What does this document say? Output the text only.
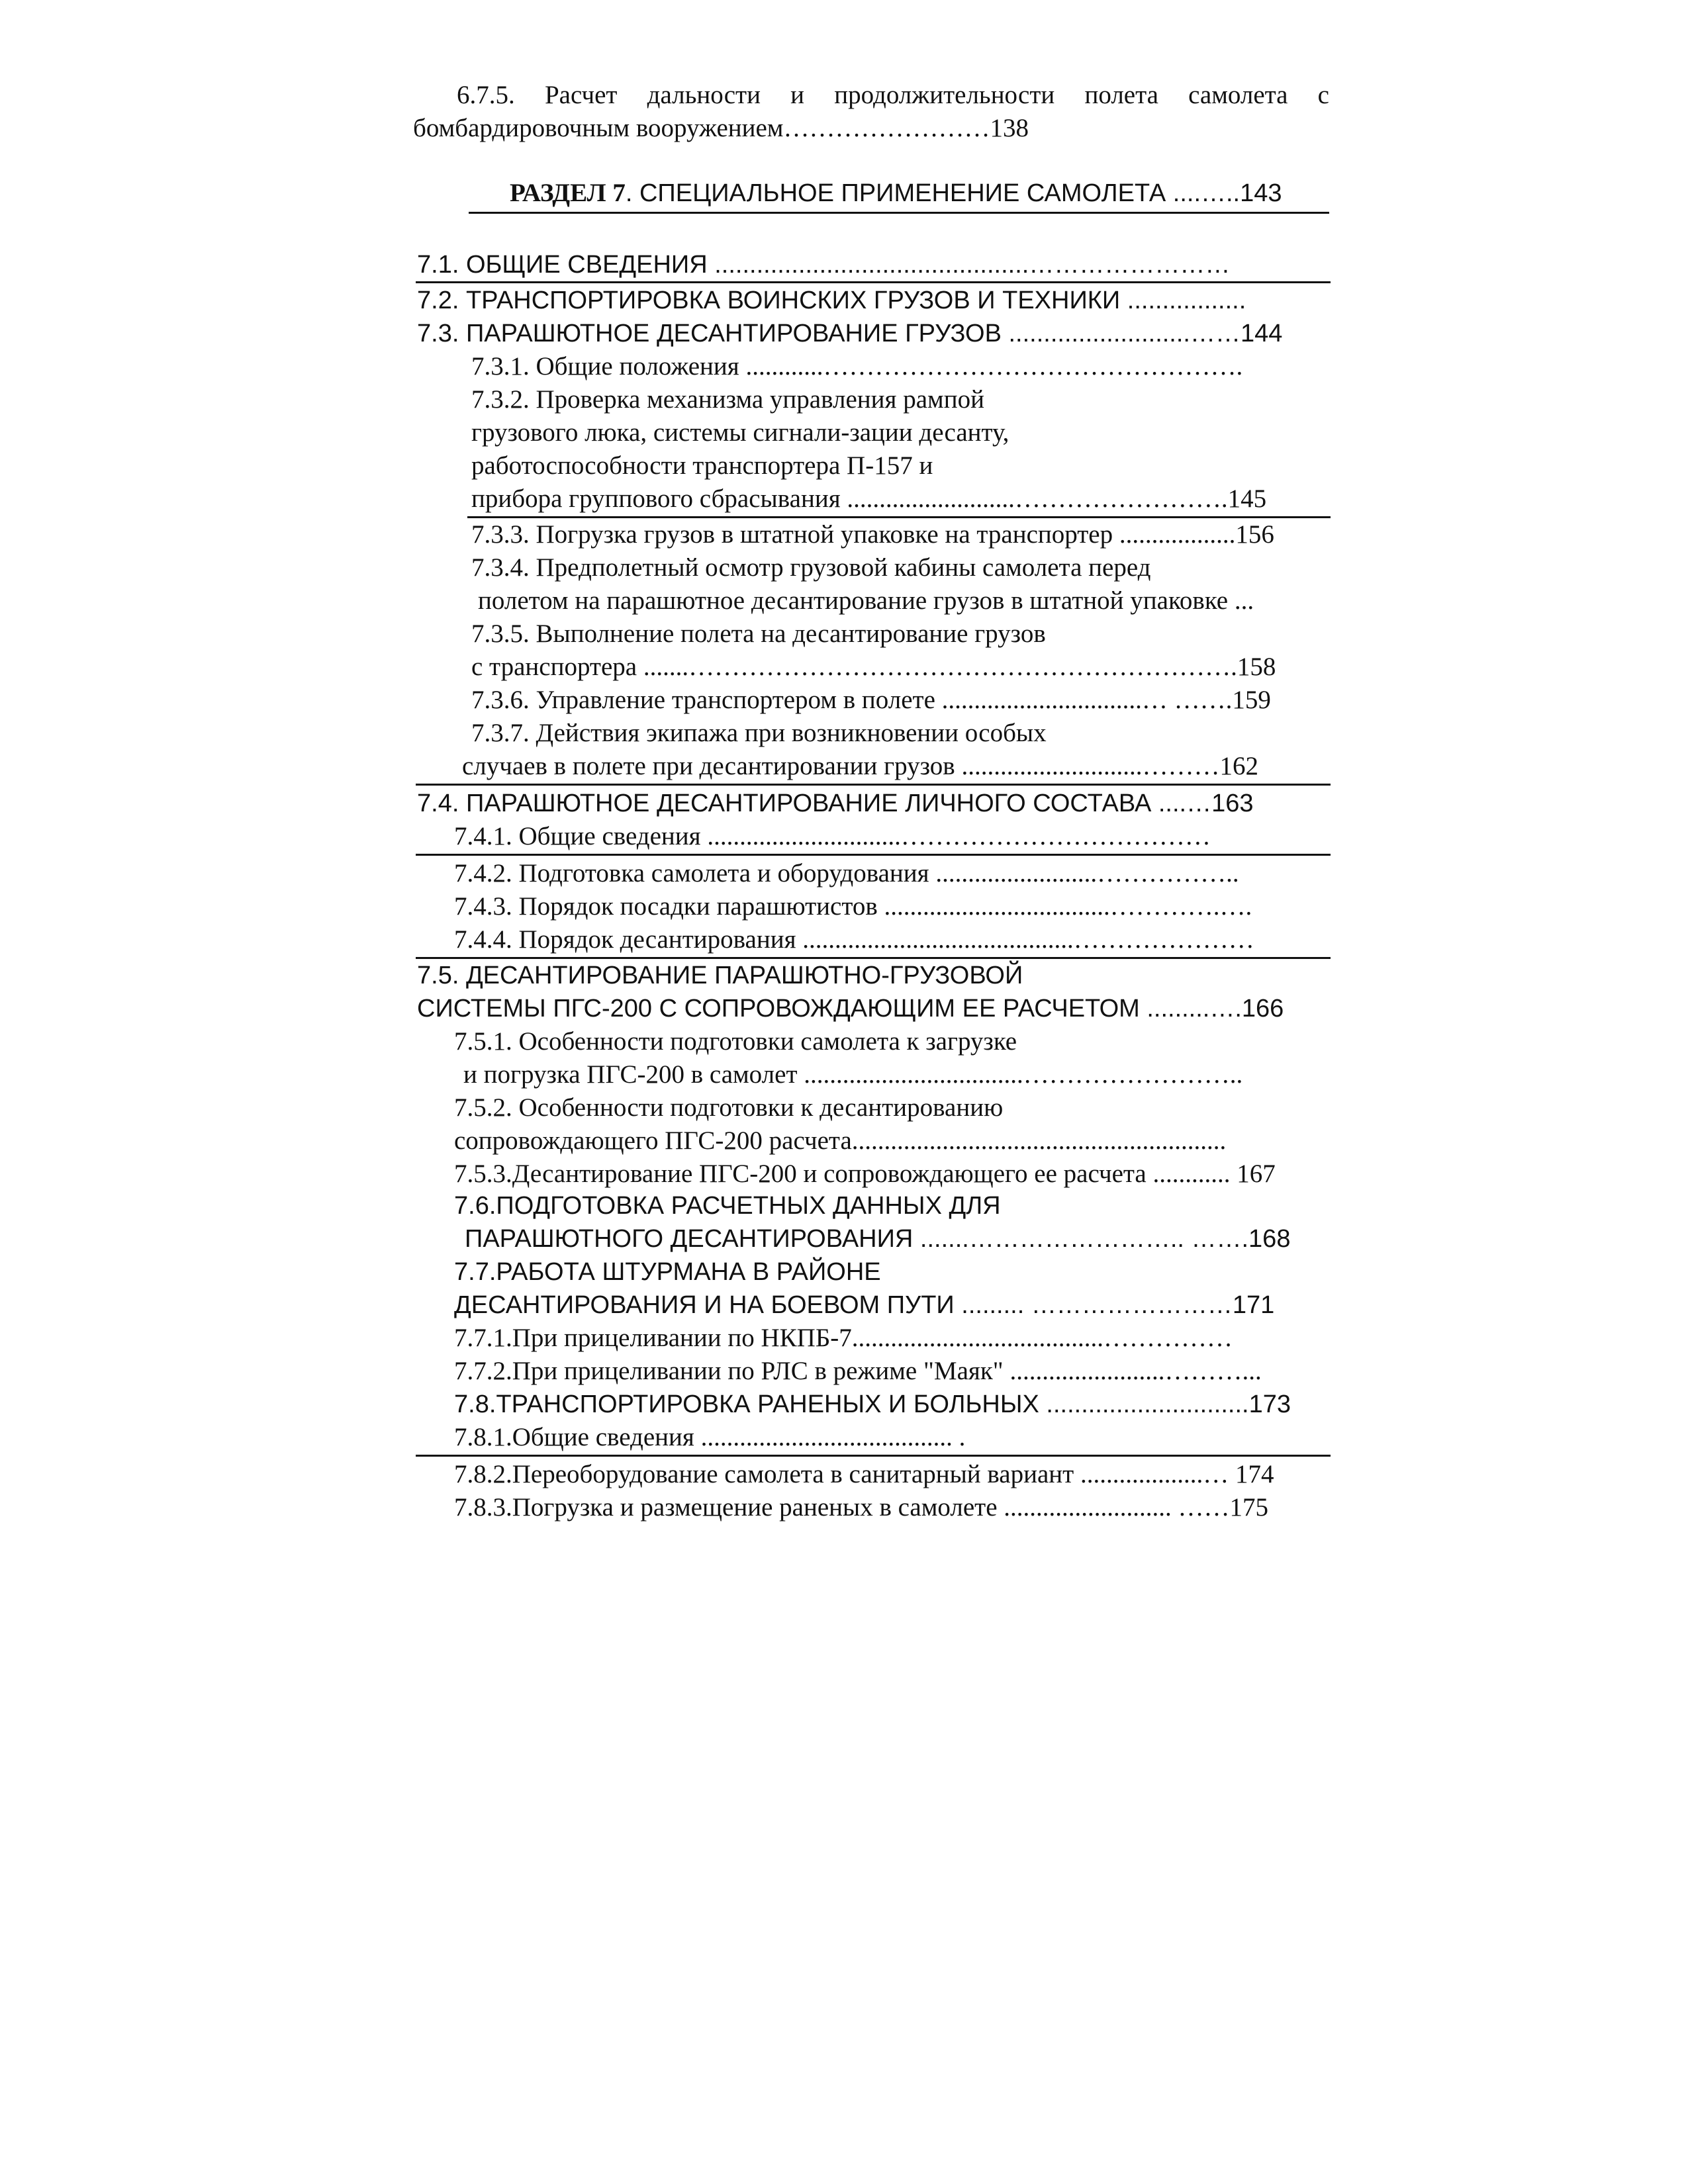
6.7.5. Расчет дальности и продолжительности полета самолета с
бомбардировочным вооружением……………………138
РАЗДЕЛ 7. СПЕЦИАЛЬНОЕ ПРИМЕНЕНИЕ САМОЛЕТА ....…..143
7.1. ОБЩИЕ СВЕДЕНИЯ .............................................……………………
7.2. ТРАНСПОРТИРОВКА ВОИНСКИХ ГРУЗОВ И ТЕХНИКИ .................
7.3. ПАРАШЮТНОЕ ДЕСАНТИРОВАНИЕ ГРУЗОВ ..........................……144
7.3.1. Общие положения ............………………………………………….
7.3.2. Проверка механизма управления рампой
грузового люка, системы сигнали-зации десанту,
работоспособности транспортера П-157 и
прибора группового сбрасывания ..........................…………………….145
7.3.3. Погрузка грузов в штатной упаковке на транспортер ..................156
7.3.4. Предполетный осмотр грузовой кабины самолета перед
полетом на парашютное десантирование грузов в штатной упаковке ...
7.3.5. Выполнение полета на десантирование грузов
с транспортера .......……………………………………………………….158
7.3.6. Управление транспортером в полете ...............................… …….159
7.3.7. Действия экипажа при возникновении особых
случаев в полете при десантировании грузов ............................………162
7.4. ПАРАШЮТНОЕ ДЕСАНТИРОВАНИЕ ЛИЧНОГО СОСТАВА ....…163
7.4.1. Общие сведения ..............................………………………………
7.4.2. Подготовка самолета и оборудования .........................……………..
7.4.3. Порядок посадки парашютистов ...................................………….….
7.4.4. Порядок десантирования ..........................................…………………
7.5. ДЕСАНТИРОВАНИЕ ПАРАШЮТНО-ГРУЗОВОЙ
СИСТЕМЫ ПГС-200 С СОПРОВОЖДАЮЩИМ ЕЕ РАСЧЕТОМ .........….166
7.5.1. Особенности подготовки самолета к загрузке
и погрузка ПГС-200 в самолет ..................................……………………..
7.5.2. Особенности подготовки к десантированию
сопровождающего ПГС-200 расчета..........................................................
7.5.3.Десантирование ПГС-200 и сопровождающего ее расчета ............ 167
7.6.ПОДГОТОВКА РАСЧЕТНЫХ ДАННЫХ ДЛЯ
ПАРАШЮТНОГО ДЕСАНТИРОВАНИЯ .......…………………….. …….168
7.7.РАБОТА ШТУРМАНА В РАЙОНЕ
ДЕСАНТИРОВАНИЯ И НА БОЕВОМ ПУТИ ......... ……………………171
7.7.1.При прицеливании по НКПБ-7.......................................……………
7.7.2.При прицеливании по РЛС в режиме "Маяк" ........................………...
7.8.ТРАНСПОРТИРОВКА РАНЕНЫХ И БОЛЬНЫХ .............................173
7.8.1.Общие сведения ....................................... .
7.8.2.Переоборудование самолета в санитарный вариант ...................… 174
7.8.3.Погрузка и размещение раненых в самолете .......................... ……175
